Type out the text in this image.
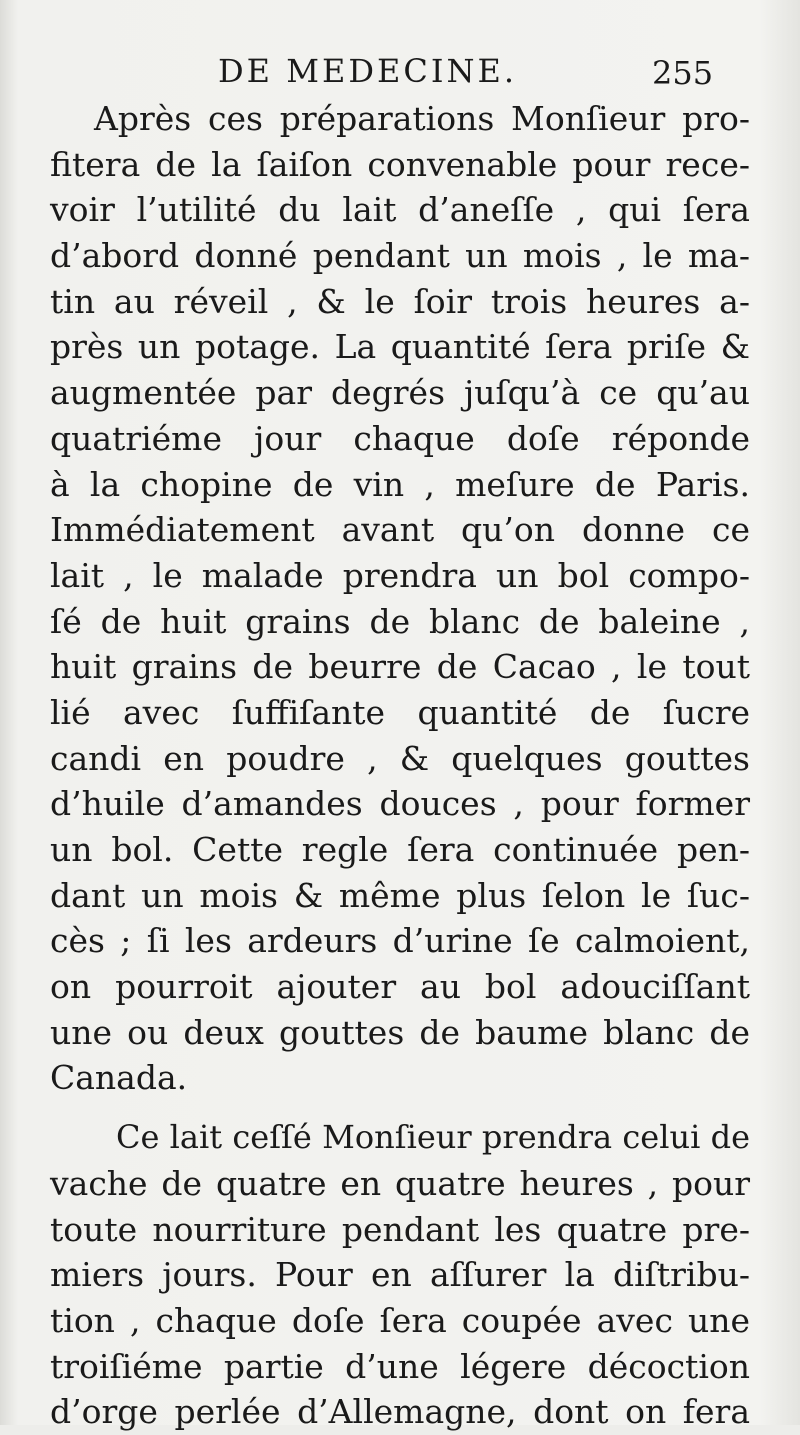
DE MEDECINE.	255
Après ces préparations Monſieur pro-
fitera de la ſaiſon convenable pour rece-
voir l’utilité du lait d’aneſſe , qui ſera
d’abord donné pendant un mois , le ma-
tin au réveil , & le ſoir trois heures a-
près un potage. La quantité ſera priſe &
augmentée par degrés juſqu’à ce qu’au
quatriéme jour chaque doſe réponde
à la chopine de vin , meſure de Paris.
Immédiatement avant qu’on donne ce
lait , le malade prendra un bol compo-
ſé de huit grains de blanc de baleine ,
huit grains de beurre de Cacao , le tout
lié avec ſuffiſante quantité de ſucre
candi en poudre , & quelques gouttes
d’huile d’amandes douces , pour former
un bol. Cette regle ſera continuée pen-
dant un mois & même plus ſelon le ſuc-
cès ; ſi les ardeurs d’urine ſe calmoient,
on pourroit ajouter au bol adouciſſant
une ou deux gouttes de baume blanc de
Canada.
Ce lait ceſſé Monſieur prendra celui de
vache de quatre en quatre heures , pour
toute nourriture pendant les quatre pre-
miers jours. Pour en aſſurer la diſtribu-
tion , chaque doſe ſera coupée avec une
troiſiéme partie d’une légere décoction
d’orge perlée d’Allemagne, dont on fera
